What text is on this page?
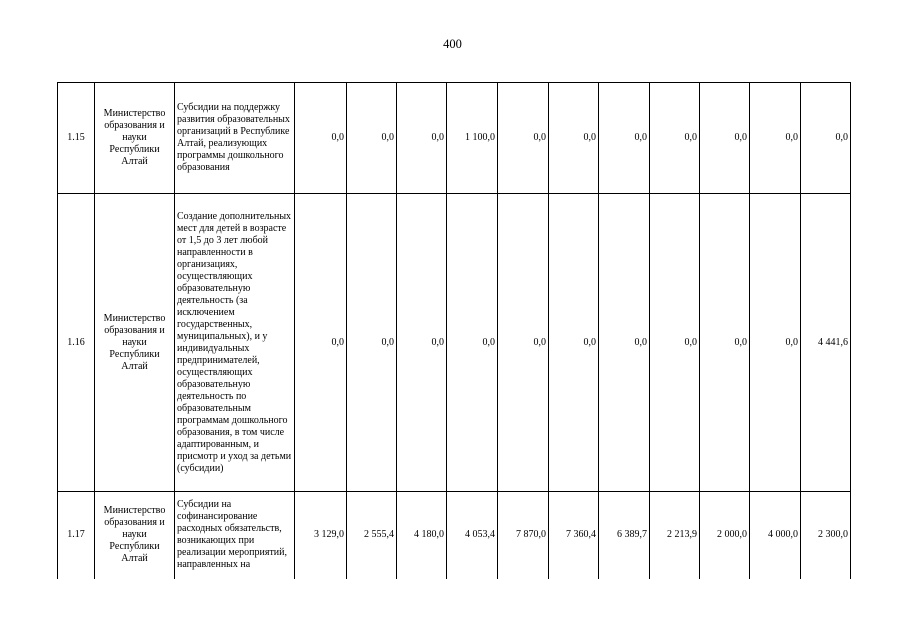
400
1.15	Министерство образования и науки Республики Алтай	Субсидии на поддержку развития образовательных организаций в Республике Алтай, реализующих программы дошкольного образования	0,0	0,0	0,0	1 100,0	0,0	0,0	0,0	0,0	0,0	0,0	0,0
1.16	Министерство образования и науки Республики Алтай	Создание дополнительных мест для детей в возрасте от 1,5 до 3 лет любой направленности в организациях, осуществляющих образовательную деятельность (за исключением государственных, муниципальных), и у индивидуальных предпринимателей, осуществляющих образовательную деятельность по образовательным программам дошкольного образования, в том числе адаптированным, и присмотр и уход за детьми (субсидии)	0,0	0,0	0,0	0,0	0,0	0,0	0,0	0,0	0,0	0,0	4 441,6
1.17	Министерство образования и науки Республики Алтай	Субсидии на софинансирование расходных обязательств, возникающих при реализации мероприятий, направленных на	3 129,0	2 555,4	4 180,0	4 053,4	7 870,0	7 360,4	6 389,7	2 213,9	2 000,0	4 000,0	2 300,0
